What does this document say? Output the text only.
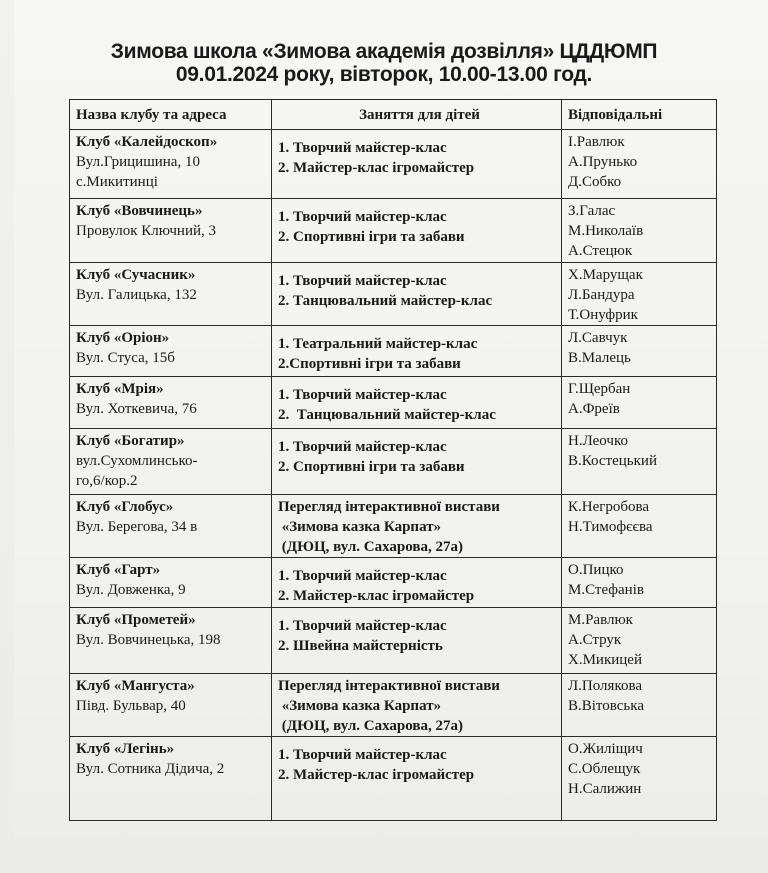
Зимова школа «Зимова академія дозвілля» ЦДДЮМП
09.01.2024 року, вівторок, 10.00-13.00 год.
Назва клубу та адреса	Заняття для дітей	Відповідальні

Клуб «Калейдоскоп»
Вул.Грицишина, 10
с.Микитинці	1. Творчий майстер-клас
2. Майстер-клас ігромайстер	І.Равлюк
А.Прунько
Д.Собко

Клуб «Вовчинець»
Провулок Ключний, 3	1. Творчий майстер-клас
2. Спортивні ігри та забави	З.Галас
М.Николаїв
А.Стецюк

Клуб «Сучасник»
Вул. Галицька, 132	1. Творчий майстер-клас
2. Танцювальний майстер-клас	Х.Марущак
Л.Бандура
Т.Онуфрик

Клуб «Оріон»
Вул. Стуса, 15б	1. Театральний майстер-клас
2.Спортивні ігри та забави	Л.Савчук
В.Малець

Клуб «Мрія»
Вул. Хоткевича, 76	1. Творчий майстер-клас
2.  Танцювальний майстер-клас	Г.Щербан
А.Фреїв

Клуб «Богатир»
вул.Сухомлинсько-
го,6/кор.2	1. Творчий майстер-клас
2. Спортивні ігри та забави	Н.Леочко
В.Костецький

Клуб «Глобус»
Вул. Берегова, 34 в	Перегляд інтерактивної вистави
«Зимова казка Карпат»
(ДЮЦ, вул. Сахарова, 27а)	К.Негробова
Н.Тимофєєва

Клуб «Гарт»
Вул. Довженка, 9	1. Творчий майстер-клас
2. Майстер-клас ігромайстер	О.Пицко
М.Стефанів

Клуб «Прометей»
Вул. Вовчинецька, 198	1. Творчий майстер-клас
2. Швейна майстерність	М.Равлюк
А.Струк
Х.Микицей

Клуб «Мангуста»
Півд. Бульвар, 40	Перегляд інтерактивної вистави
«Зимова казка Карпат»
(ДЮЦ, вул. Сахарова, 27а)	Л.Полякова
В.Вітовська

Клуб «Легінь»
Вул. Сотника Дідича, 2	1. Творчий майстер-клас
2. Майстер-клас ігромайстер	О.Жиліщич
С.Облещук
Н.Салижин
